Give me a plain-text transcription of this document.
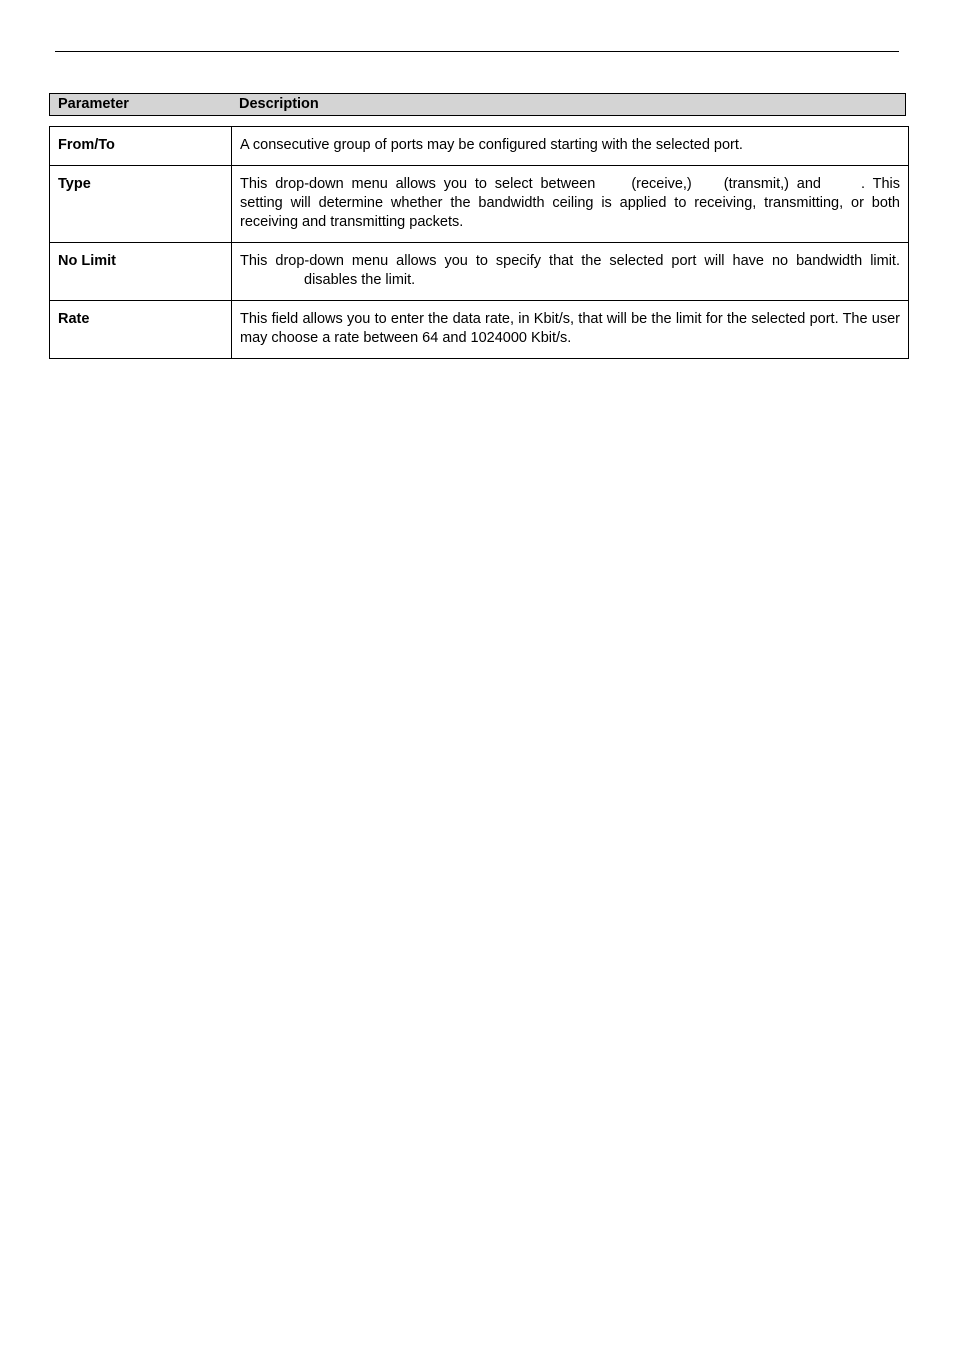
Parameter	Description
From/To	A consecutive group of ports may be configured starting with the selected port.
Type	This drop-down menu allows you to select between (receive,) (transmit,) and . This setting will determine whether the bandwidth ceiling is applied to receiving, transmitting, or both receiving and transmitting packets.
No Limit	This drop-down menu allows you to specify that the selected port will have no bandwidth limit.disables the limit.
Rate	This field allows you to enter the data rate, in Kbit/s, that will be the limit for the selected port. The user may choose a rate between 64 and 1024000 Kbit/s.
